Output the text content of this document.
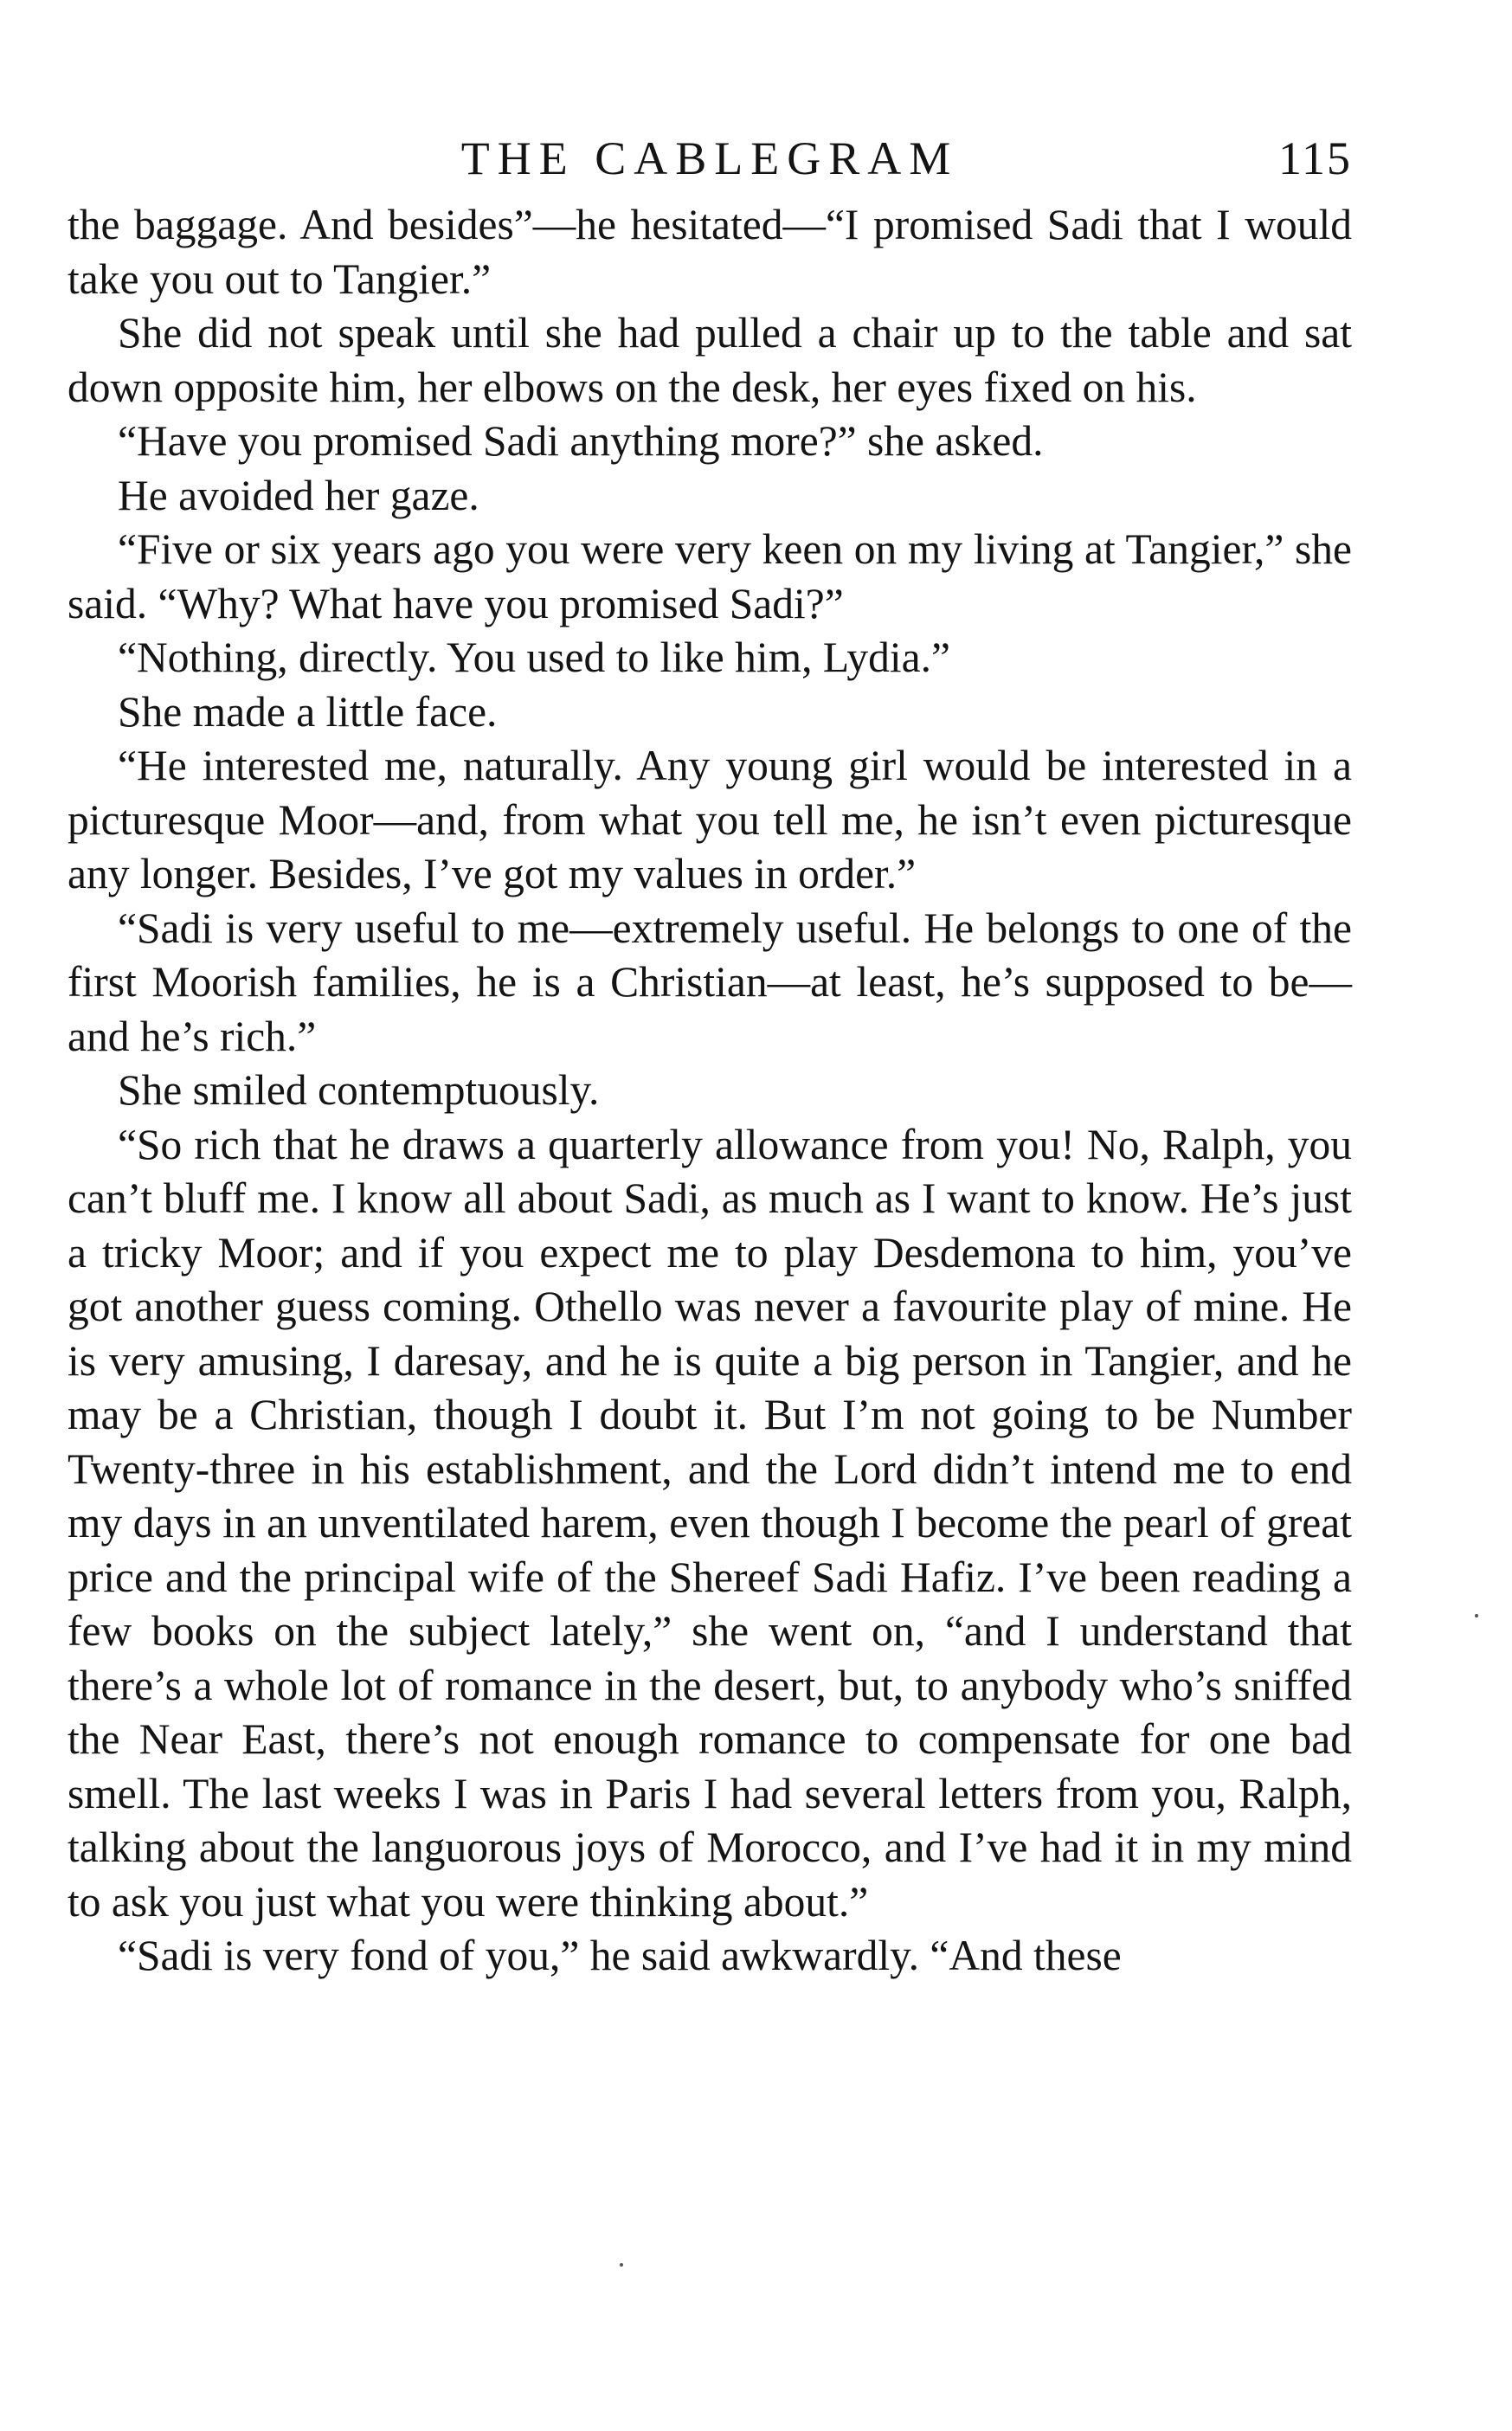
THE CABLEGRAM	115

the baggage. And besides”—he hesitated—“I promised Sadi that I would take you out to Tangier.”

She did not speak until she had pulled a chair up to the table and sat down opposite him, her elbows on the desk, her eyes fixed on his.

“Have you promised Sadi anything more?” she asked.

He avoided her gaze.

“Five or six years ago you were very keen on my living at Tangier,” she said. “Why? What have you promised Sadi?”

“Nothing, directly. You used to like him, Lydia.”

She made a little face.

“He interested me, naturally. Any young girl would be interested in a picturesque Moor—and, from what you tell me, he isn’t even picturesque any longer. Besides, I’ve got my values in order.”

“Sadi is very useful to me—extremely useful. He belongs to one of the first Moorish families, he is a Christian—at least, he’s supposed to be—and he’s rich.”

She smiled contemptuously.

“So rich that he draws a quarterly allowance from you! No, Ralph, you can’t bluff me. I know all about Sadi, as much as I want to know. He’s just a tricky Moor; and if you expect me to play Desdemona to him, you’ve got another guess coming. Othello was never a favourite play of mine. He is very amusing, I daresay, and he is quite a big person in Tangier, and he may be a Christian, though I doubt it. But I’m not going to be Number Twenty-three in his establishment, and the Lord didn’t intend me to end my days in an unventilated harem, even though I become the pearl of great price and the principal wife of the Shereef Sadi Hafiz. I’ve been reading a few books on the subject lately,” she went on, “and I understand that there’s a whole lot of romance in the desert, but, to anybody who’s sniffed the Near East, there’s not enough romance to compensate for one bad smell. The last weeks I was in Paris I had several letters from you, Ralph, talking about the languorous joys of Morocco, and I’ve had it in my mind to ask you just what you were thinking about.”

“Sadi is very fond of you,” he said awkwardly. “And these
